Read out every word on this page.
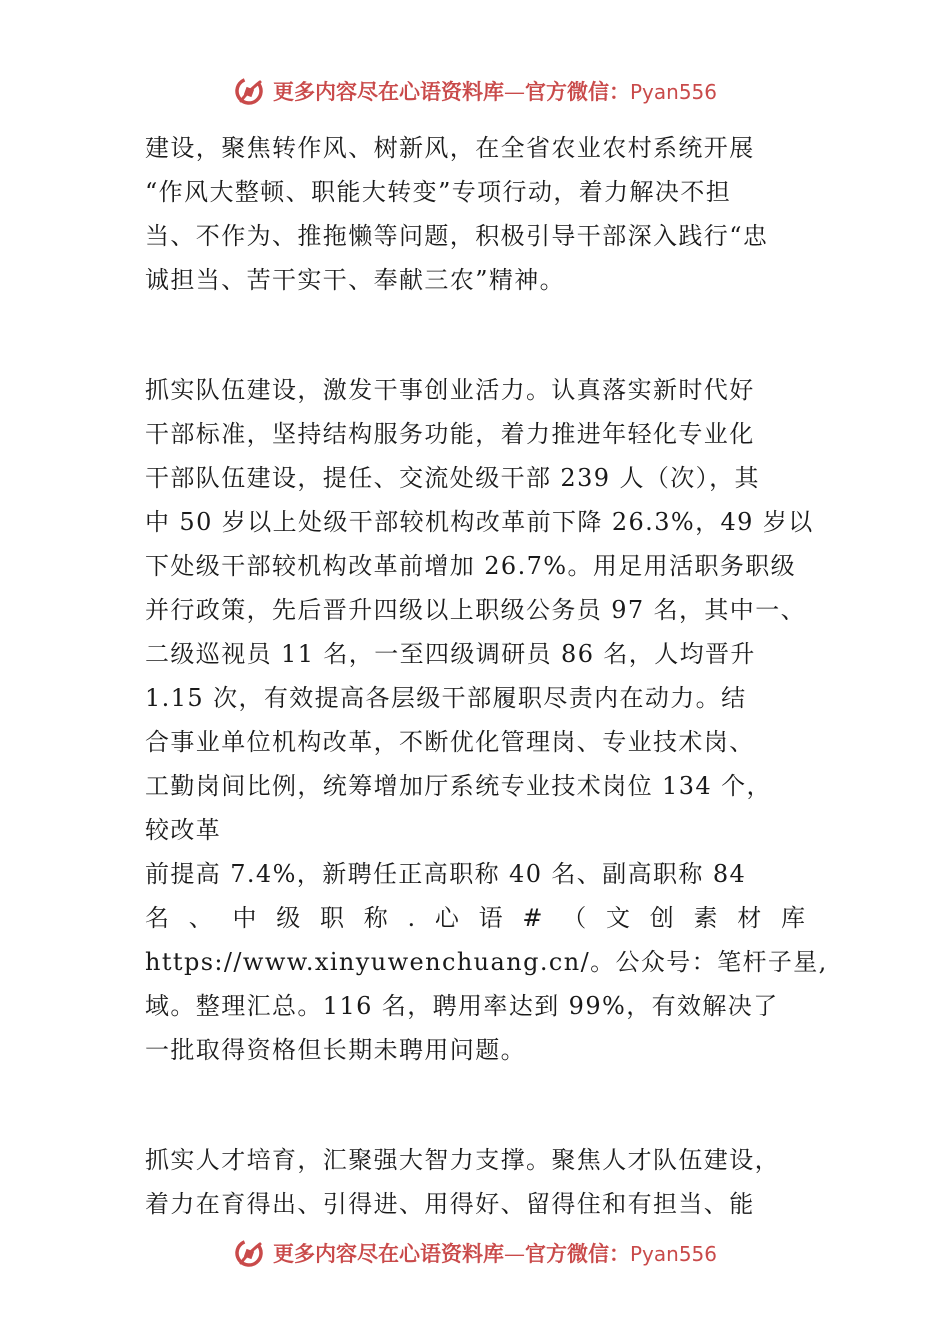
更多内容尽在心语资料库—官方微信：Pyan556
建设，聚焦转作风、树新风，在全省农业农村系统开展
“作风大整顿、职能大转变”专项行动，着力解决不担
当、不作为、推拖懒等问题，积极引导干部深入践行“忠
诚担当、苦干实干、奉献三农”精神。
抓实队伍建设，激发干事创业活力。认真落实新时代好
干部标准，坚持结构服务功能，着力推进年轻化专业化
干部队伍建设，提任、交流处级干部 239 人（次），其
中 50 岁以上处级干部较机构改革前下降 26.3%，49 岁以
下处级干部较机构改革前增加 26.7%。用足用活职务职级
并行政策，先后晋升四级以上职级公务员 97 名，其中一、
二级巡视员 11 名，一至四级调研员 86 名，人均晋升
1.15 次，有效提高各层级干部履职尽责内在动力。结
合事业单位机构改革，不断优化管理岗、专业技术岗、
工勤岗间比例，统筹增加厅系统专业技术岗位 134 个，
较改革
前提高 7.4%，新聘任正高职称 40 名、副高职称 84
名 、 中 级 职 称 . 心 语 # （ 文 创 素 材 库
https://www.xinyuwenchuang.cn/。公众号：笔杆子星,
域。整理汇总。116 名，聘用率达到 99%，有效解决了
一批取得资格但长期未聘用问题。
抓实人才培育，汇聚强大智力支撑。聚焦人才队伍建设，
着力在育得出、引得进、用得好、留得住和有担当、能
更多内容尽在心语资料库—官方微信：Pyan556
